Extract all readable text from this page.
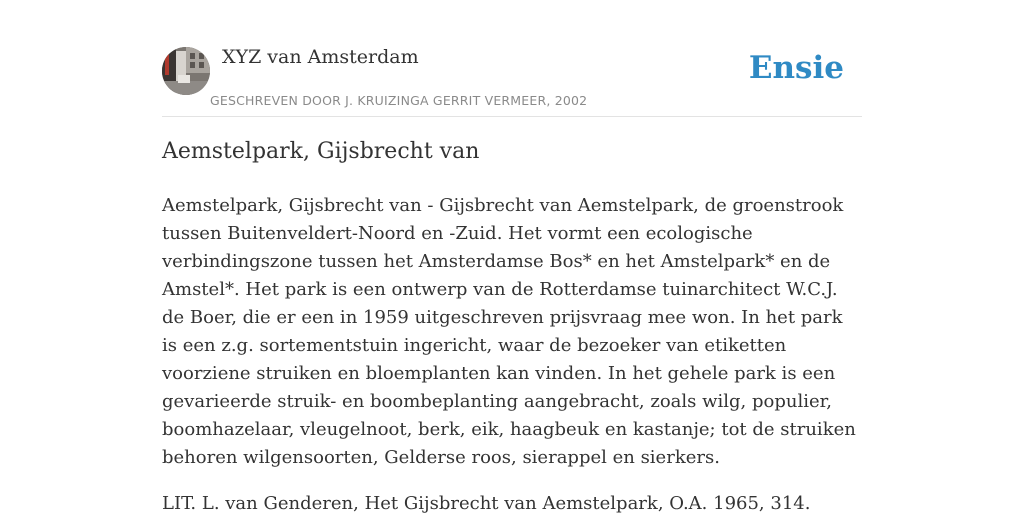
XYZ van Amsterdam
GESCHREVEN DOOR J. KRUIZINGA GERRIT VERMEER, 2002
Ensie
Aemstelpark, Gijsbrecht van

Aemstelpark, Gijsbrecht van - Gijsbrecht van Aemstelpark, de groenstrook tussen Buitenveldert-Noord en -Zuid. Het vormt een ecologische verbindingszone tussen het Amsterdamse Bos* en het Amstelpark* en de Amstel*. Het park is een ontwerp van de Rotterdamse tuinarchitect W.C.J. de Boer, die er een in 1959 uitgeschreven prijsvraag mee won. In het park is een z.g. sortementstuin ingericht, waar de bezoeker van etiketten voorziene struiken en bloemplanten kan vinden. In het gehele park is een gevarieerde struik- en boombeplanting aangebracht, zoals wilg, populier, boomhazelaar, vleugelnoot, berk, eik, haagbeuk en kastanje; tot de struiken behoren wilgensoorten, Gelderse roos, sierappel en sierkers.

LIT. L. van Genderen, Het Gijsbrecht van Aemstelpark, O.A. 1965, 314.
